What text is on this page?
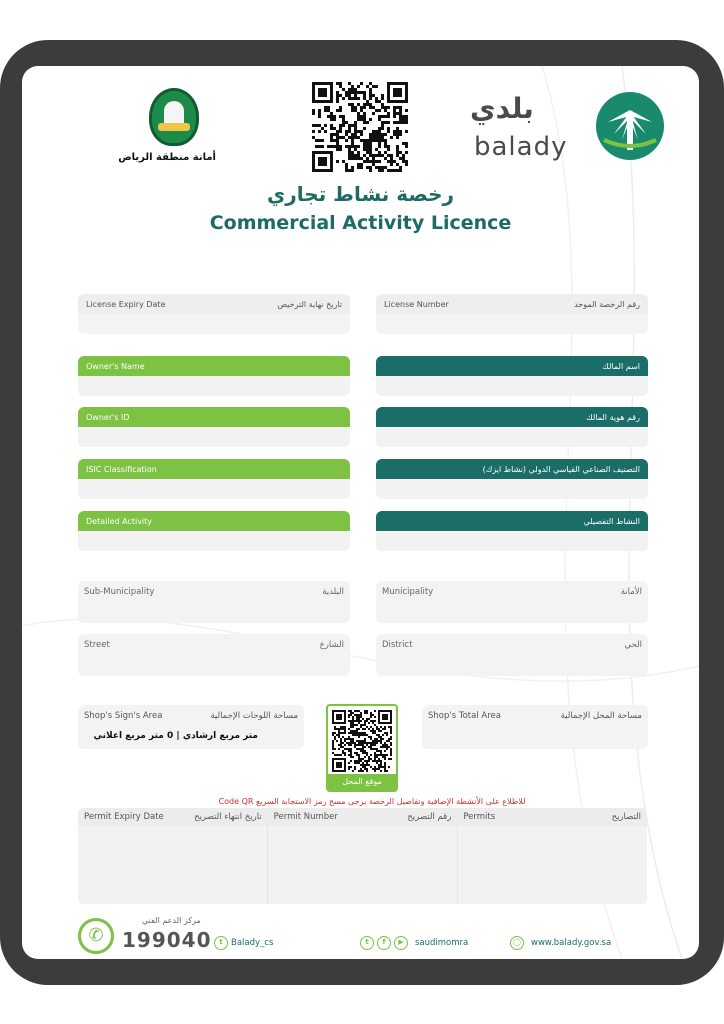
أمانة منطقة الرياض
بلدي
balady
رخصة نشاط تجاري
Commercial Activity Licence
License Expiry Date	تاريخ نهاية الترخيص	License Number	رقم الرخصة الموحد
Owner's Name	اسم المالك
Owner's ID	رقم هوية المالك
ISIC Classification	التصنيف الصناعي القياسي الدولي (نشاط ايزك)
Detailed Activity	النشاط التفصيلي
Sub-Municipality	البلدية	Municipality	الأمانة
Street	الشارع	District	الحي
Shop's Sign's Area	مساحة اللوحات الإجمالية
متر مربع ارشادي | 0 متر مربع اعلاني
موقع المحل
Shop's Total Area	مساحة المحل الإجمالية
للاطلاع على الأنشطة الإضافية وتفاصيل الرخصة يرجى مسح رمز الاستجابة السريع Code QR
Permit Expiry Date	تاريخ انتهاء التصريح Permit Number	رقم التصريح Permits	التصاريح
✆
مركز الدعم الفني
199040	t Balady_cs	t	f	▶	saudimomra	◯	www.balady.gov.sa
